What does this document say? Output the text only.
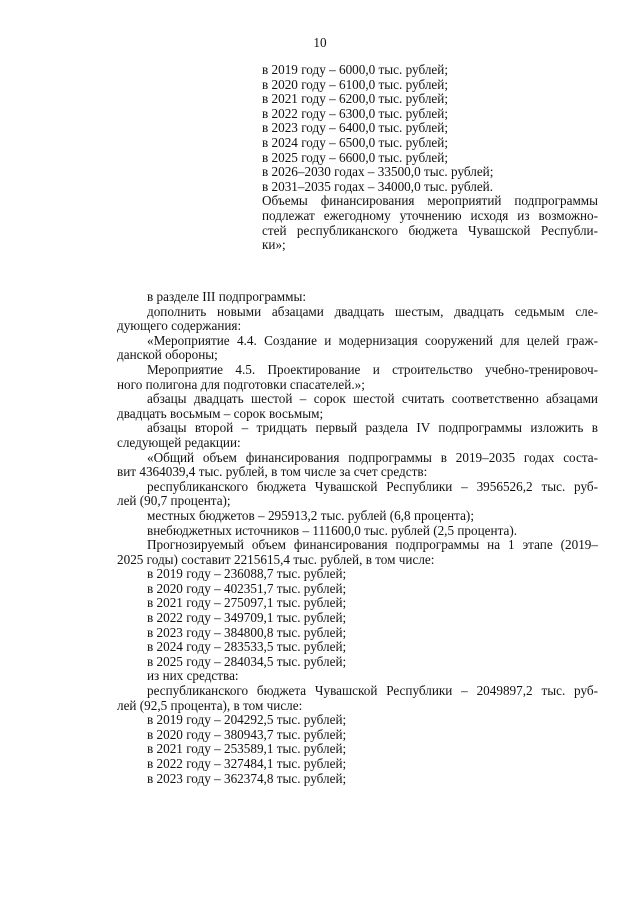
10
в 2019 году – 6000,0 тыс. рублей;
в 2020 году – 6100,0 тыс. рублей;
в 2021 году – 6200,0 тыс. рублей;
в 2022 году – 6300,0 тыс. рублей;
в 2023 году – 6400,0 тыс. рублей;
в 2024 году – 6500,0 тыс. рублей;
в 2025 году – 6600,0 тыс. рублей;
в 2026–2030 годах – 33500,0 тыс. рублей;
в 2031–2035 годах – 34000,0 тыс. рублей.
Объемы финансирования мероприятий подпрограммы
подлежат ежегодному уточнению исходя из возможно-
стей республиканского бюджета Чувашской Республи-
ки»;
в разделе III подпрограммы:
дополнить новыми абзацами двадцать шестым, двадцать седьмым сле-
дующего содержания:
«Мероприятие 4.4. Создание и модернизация сооружений для целей граж-
данской обороны;
Мероприятие 4.5. Проектирование и строительство учебно-тренировоч-
ного полигона для подготовки спасателей.»;
абзацы двадцать шестой – сорок шестой считать соответственно абзацами
двадцать восьмым – сорок восьмым;
абзацы второй – тридцать первый раздела IV подпрограммы изложить в
следующей редакции:
«Общий объем финансирования подпрограммы в 2019–2035 годах соста-
вит 4364039,4 тыс. рублей, в том числе за счет средств:
республиканского бюджета Чувашской Республики – 3956526,2 тыс. руб-
лей (90,7 процента);
местных бюджетов – 295913,2 тыс. рублей (6,8 процента);
внебюджетных источников – 111600,0 тыс. рублей (2,5 процента).
Прогнозируемый объем финансирования подпрограммы на 1 этапе (2019–
2025 годы) составит 2215615,4 тыс. рублей, в том числе:
в 2019 году – 236088,7 тыс. рублей;
в 2020 году – 402351,7 тыс. рублей;
в 2021 году – 275097,1 тыс. рублей;
в 2022 году – 349709,1 тыс. рублей;
в 2023 году – 384800,8 тыс. рублей;
в 2024 году – 283533,5 тыс. рублей;
в 2025 году – 284034,5 тыс. рублей;
из них средства:
республиканского бюджета Чувашской Республики – 2049897,2 тыс. руб-
лей (92,5 процента), в том числе:
в 2019 году – 204292,5 тыс. рублей;
в 2020 году – 380943,7 тыс. рублей;
в 2021 году – 253589,1 тыс. рублей;
в 2022 году – 327484,1 тыс. рублей;
в 2023 году – 362374,8 тыс. рублей;
